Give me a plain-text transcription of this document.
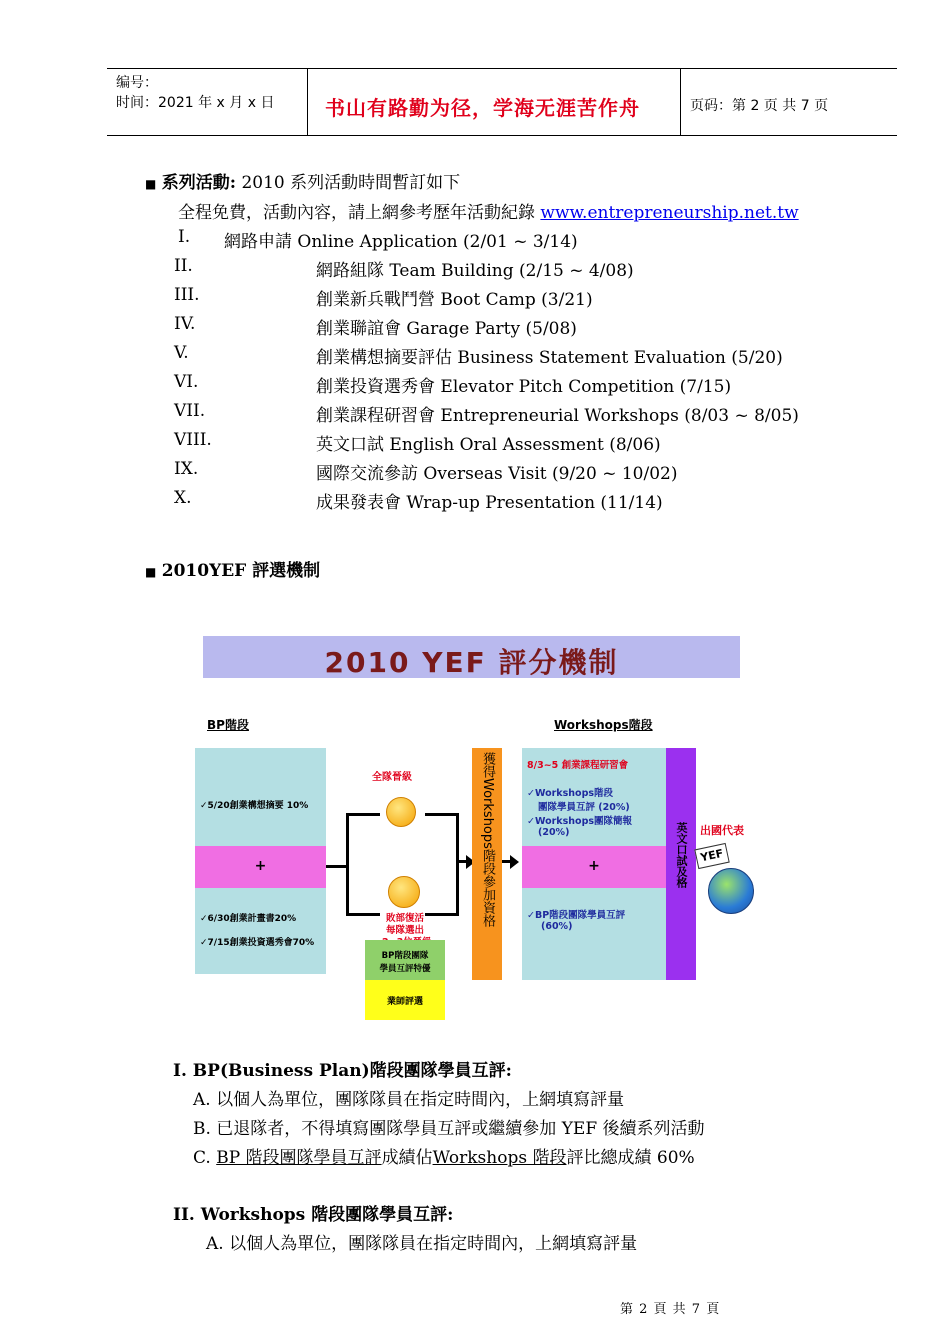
编号：
时间：2021 年 x 月 x 日	书山有路勤为径，学海无涯苦作舟	页码：第 2 页 共 7 页
■ 系列活動: 2010 系列活動時間暫訂如下
全程免費，活動內容，請上網參考歷年活動紀錄 www.entrepreneurship.net.tw
I. 網路申請 Online Application (2/01 ~ 3/14)
II.	網路組隊 Team Building (2/15 ~ 4/08)
III.	創業新兵戰鬥營 Boot Camp (3/21)
IV.	創業聯誼會 Garage Party (5/08)
V.	創業構想摘要評估 Business Statement Evaluation (5/20)
VI.	創業投資選秀會 Elevator Pitch Competition (7/15)
VII.	創業課程研習會 Entrepreneurial Workshops (8/03 ~ 8/05)
VIII.	英文口試 English Oral Assessment (8/06)
IX.	國際交流參訪 Overseas Visit (9/20 ~ 10/02)
X.	成果發表會 Wrap-up Presentation (11/14)
■ 2010YEF 評選機制
2010 YEF 評分機制
BP階段	Workshops階段
✓5/20創業構想摘要 10%
+
✓6/30創業計畫書20%
✓7/15創業投資選秀會70%
全隊晉級
敗部復活
每隊選出
BP階段團隊
學員互評特優
業師評選
獲得Workshops階段參加資格	8/3~5 創業課程研習會
✓Workshops階段
團隊學員互評 (20%)
✓Workshops團隊簡報
(20%)
+
✓BP階段團隊學員互評
(60%)
英文口試及格	出國代表
YEF
I. BP(Business Plan)階段團隊學員互評:
A. 以個人為單位，團隊隊員在指定時間內，上網填寫評量
B. 已退隊者，不得填寫團隊學員互評或繼續參加 YEF 後續系列活動
C. BP 階段團隊學員互評成績佔Workshops 階段評比總成績 60%
II. Workshops 階段團隊學員互評:
A. 以個人為單位，團隊隊員在指定時間內，上網填寫評量
第 2 頁 共 7 頁
